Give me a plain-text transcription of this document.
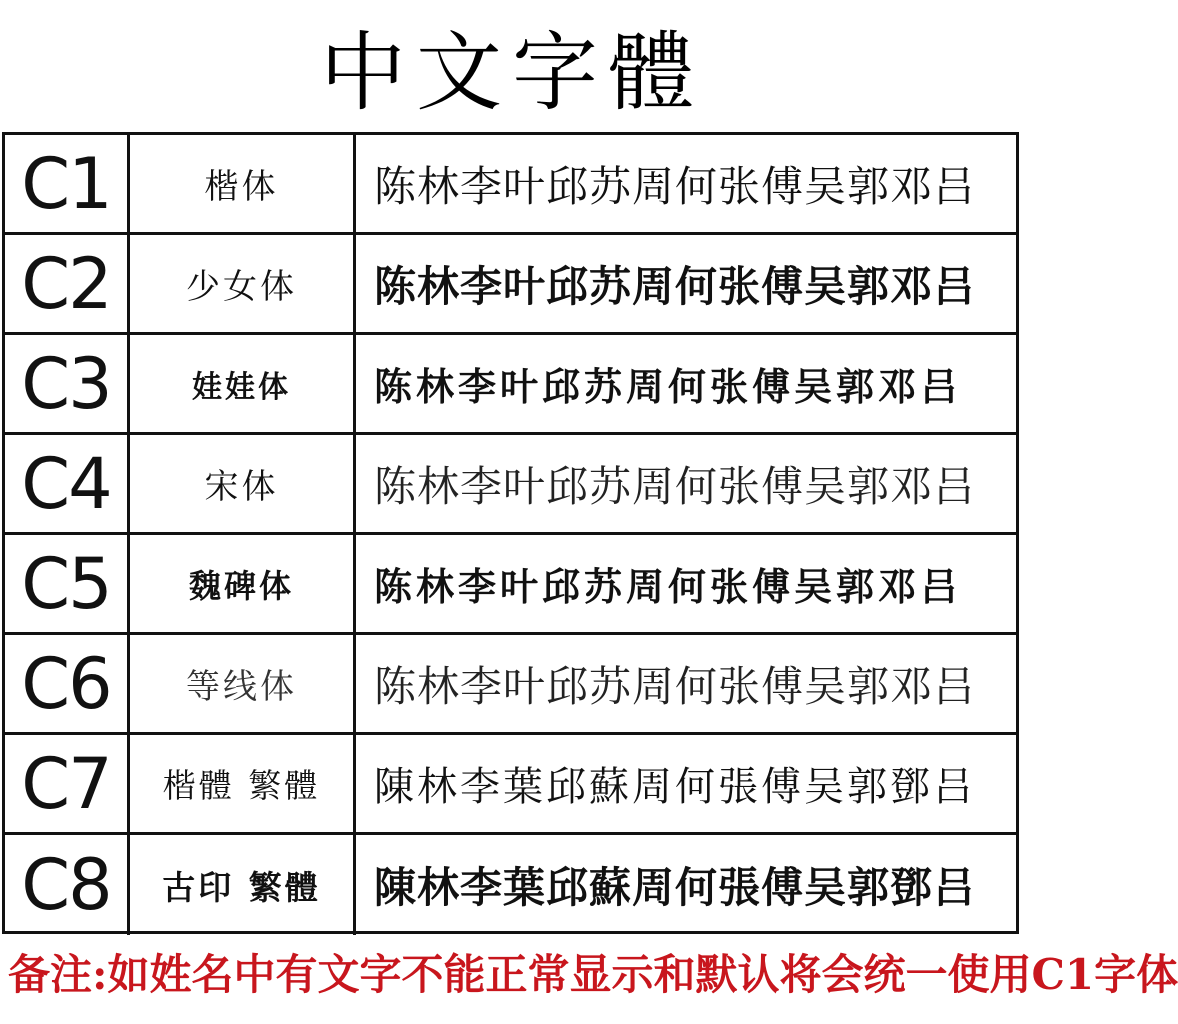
中文字體
C1	楷体	陈林李叶邱苏周何张傅吴郭邓吕
C2	少女体	陈林李叶邱苏周何张傅吴郭邓吕
C3	娃娃体	陈林李叶邱苏周何张傅吴郭邓吕
C4	宋体	陈林李叶邱苏周何张傅吴郭邓吕
C5	魏碑体	陈林李叶邱苏周何张傅吴郭邓吕
C6	等线体	陈林李叶邱苏周何张傅吴郭邓吕
C7	楷體 繁體	陳林李葉邱蘇周何張傅吴郭鄧吕
C8	古印 繁體	陳林李葉邱蘇周何張傅吴郭鄧吕
备注:如姓名中有文字不能正常显示和默认将会统一使用C1字体
